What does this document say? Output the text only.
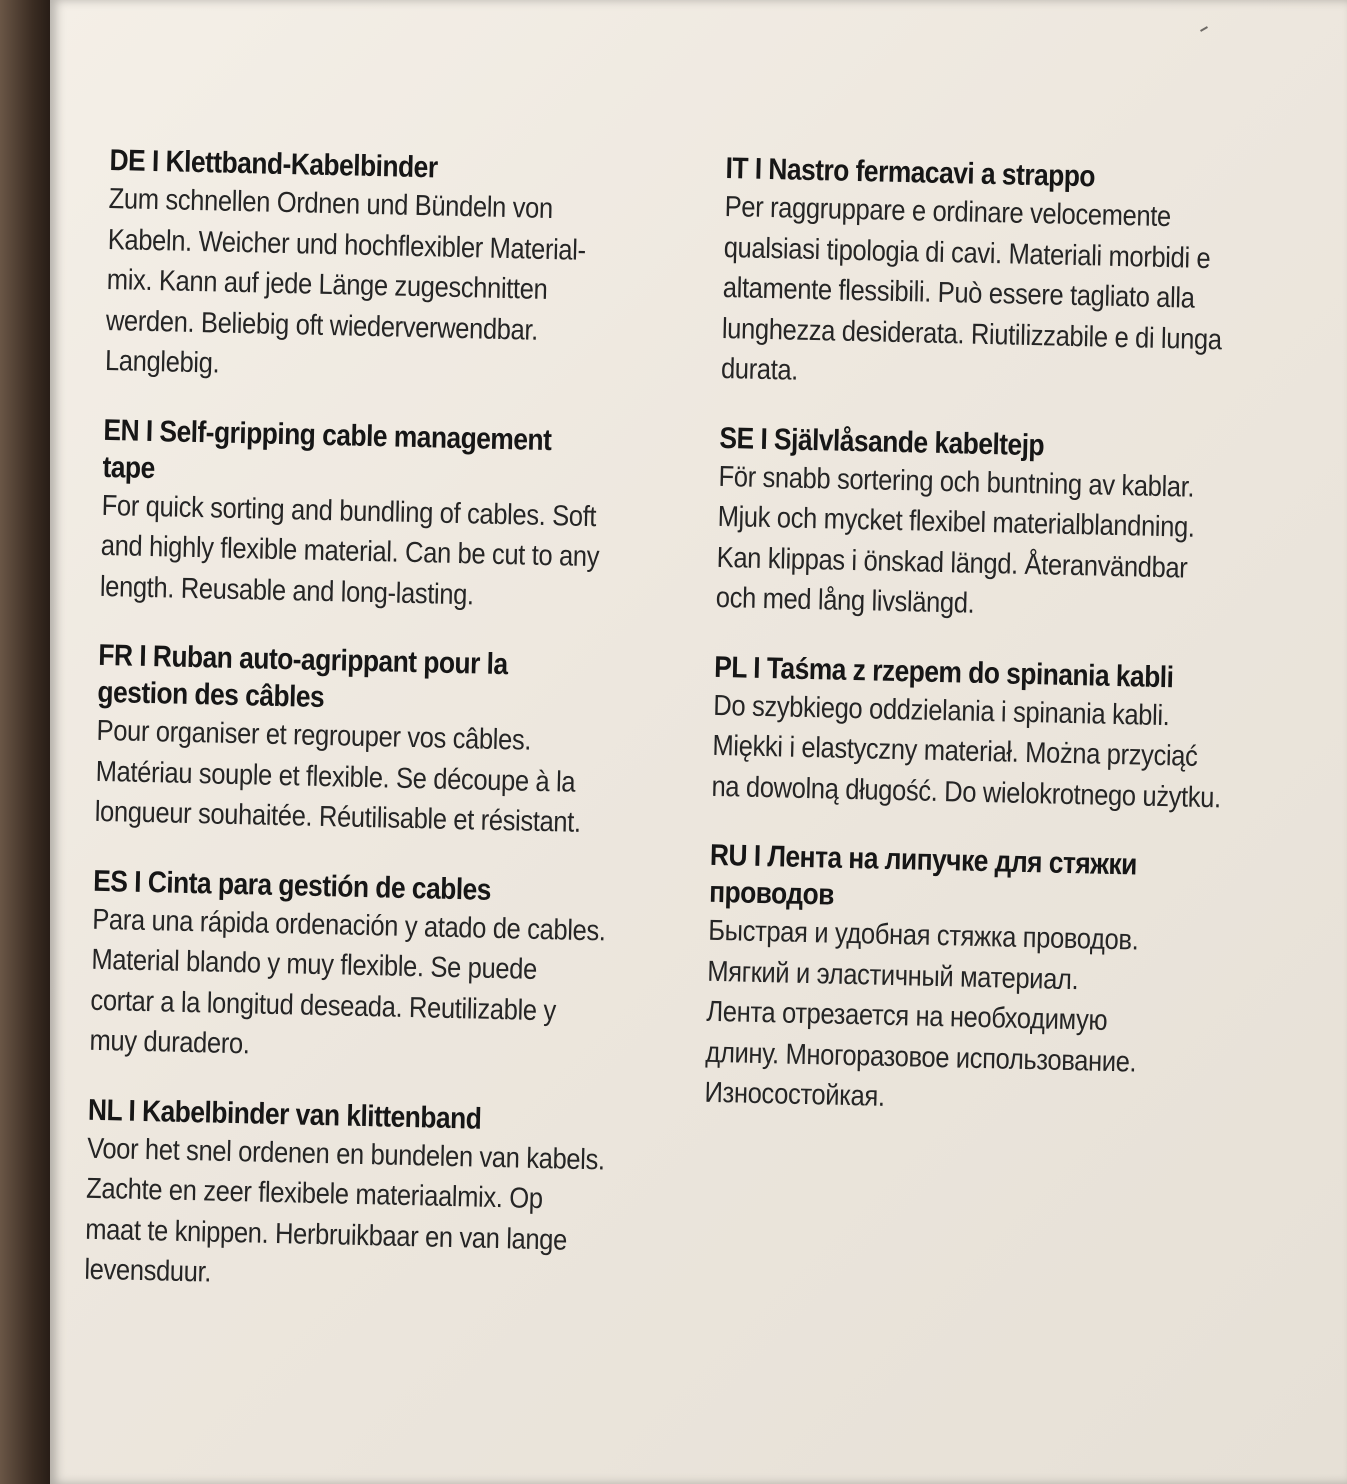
DE I Klettband-Kabelbinder
Zum schnellen Ordnen und Bündeln von
Kabeln. Weicher und hochflexibler Material-
mix. Kann auf jede Länge zugeschnitten
werden. Beliebig oft wiederverwendbar.
Langlebig.
EN I Self-gripping cable management
tape
For quick sorting and bundling of cables. Soft
and highly flexible material. Can be cut to any
length. Reusable and long-lasting.
FR I Ruban auto-agrippant pour la
gestion des câbles
Pour organiser et regrouper vos câbles.
Matériau souple et flexible. Se découpe à la
longueur souhaitée. Réutilisable et résistant.
ES I Cinta para gestión de cables
Para una rápida ordenación y atado de cables.
Material blando y muy flexible. Se puede
cortar a la longitud deseada. Reutilizable y
muy duradero.
NL I Kabelbinder van klittenband
Voor het snel ordenen en bundelen van kabels.
Zachte en zeer flexibele materiaalmix. Op
maat te knippen. Herbruikbaar en van lange
levensduur.
IT I Nastro fermacavi a strappo
Per raggruppare e ordinare velocemente
qualsiasi tipologia di cavi. Materiali morbidi e
altamente flessibili. Può essere tagliato alla
lunghezza desiderata. Riutilizzabile e di lunga
durata.
SE I Självlåsande kabeltejp
För snabb sortering och buntning av kablar.
Mjuk och mycket flexibel materialblandning.
Kan klippas i önskad längd. Återanvändbar
och med lång livslängd.
PL I Taśma z rzepem do spinania kabli
Do szybkiego oddzielania i spinania kabli.
Miękki i elastyczny materiał. Można przyciąć
na dowolną długość. Do wielokrotnego użytku.
RU I Лента на липучке для стяжки
проводов
Быстрая и удобная стяжка проводов.
Мягкий и эластичный материал.
Лента отрезается на необходимую
длину. Многоразовое использование.
Износостойкая.
